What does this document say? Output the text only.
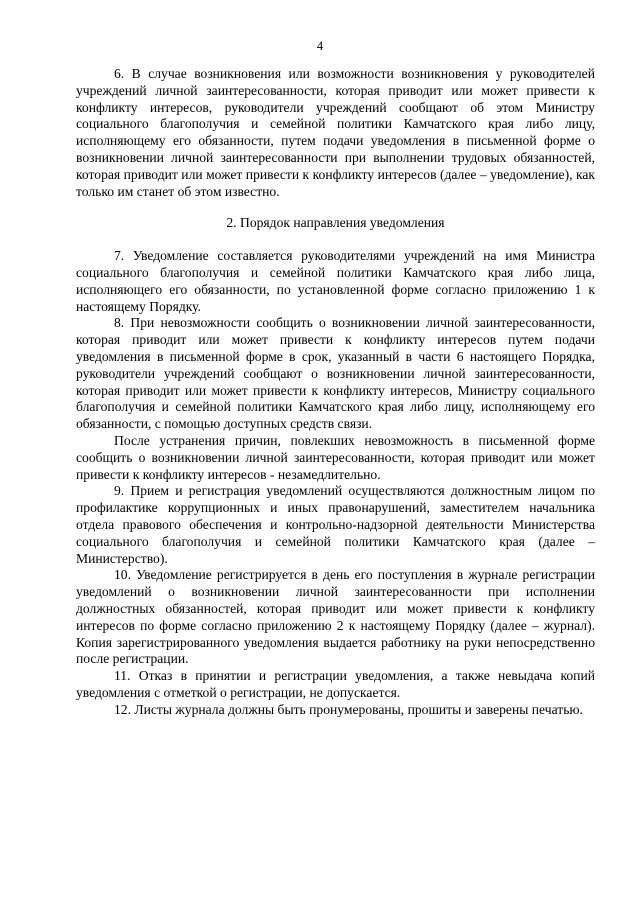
4

6. В случае возникновения или возможности возникновения у руководителей учреждений личной заинтересованности, которая приводит или может привести к конфликту интересов, руководители учреждений сообщают об этом Министру социального благополучия и семейной политики Камчатского края либо лицу, исполняющему его обязанности, путем подачи уведомления в письменной форме о возникновении личной заинтересованности при выполнении трудовых обязанностей, которая приводит или может привести к конфликту интересов (далее – уведомление), как только им станет об этом известно.

2. Порядок направления уведомления

7. Уведомление составляется руководителями учреждений на имя Министра социального благополучия и семейной политики Камчатского края либо лица, исполняющего его обязанности, по установленной форме согласно приложению 1 к настоящему Порядку.

8. При невозможности сообщить о возникновении личной заинтересованности, которая приводит или может привести к конфликту интересов путем подачи уведомления в письменной форме в срок, указанный в части 6 настоящего Порядка, руководители учреждений сообщают о возникновении личной заинтересованности, которая приводит или может привести к конфликту интересов, Министру социального благополучия и семейной политики Камчатского края либо лицу, исполняющему его обязанности, с помощью доступных средств связи.

После устранения причин, повлекших невозможность в письменной форме сообщить о возникновении личной заинтересованности, которая приводит или может привести к конфликту интересов - незамедлительно.

9. Прием и регистрация уведомлений осуществляются должностным лицом по профилактике коррупционных и иных правонарушений, заместителем начальника отдела правового обеспечения и контрольно-надзорной деятельности Министерства социального благополучия и семейной политики Камчатского края (далее – Министерство).

10. Уведомление регистрируется в день его поступления в журнале регистрации уведомлений о возникновении личной заинтересованности при исполнении должностных обязанностей, которая приводит или может привести к конфликту интересов по форме согласно приложению 2 к настоящему Порядку (далее – журнал). Копия зарегистрированного уведомления выдается работнику на руки непосредственно после регистрации.

11. Отказ в принятии и регистрации уведомления, а также невыдача копий уведомления с отметкой о регистрации, не допускается.

12. Листы журнала должны быть пронумерованы, прошиты и заверены печатью.
